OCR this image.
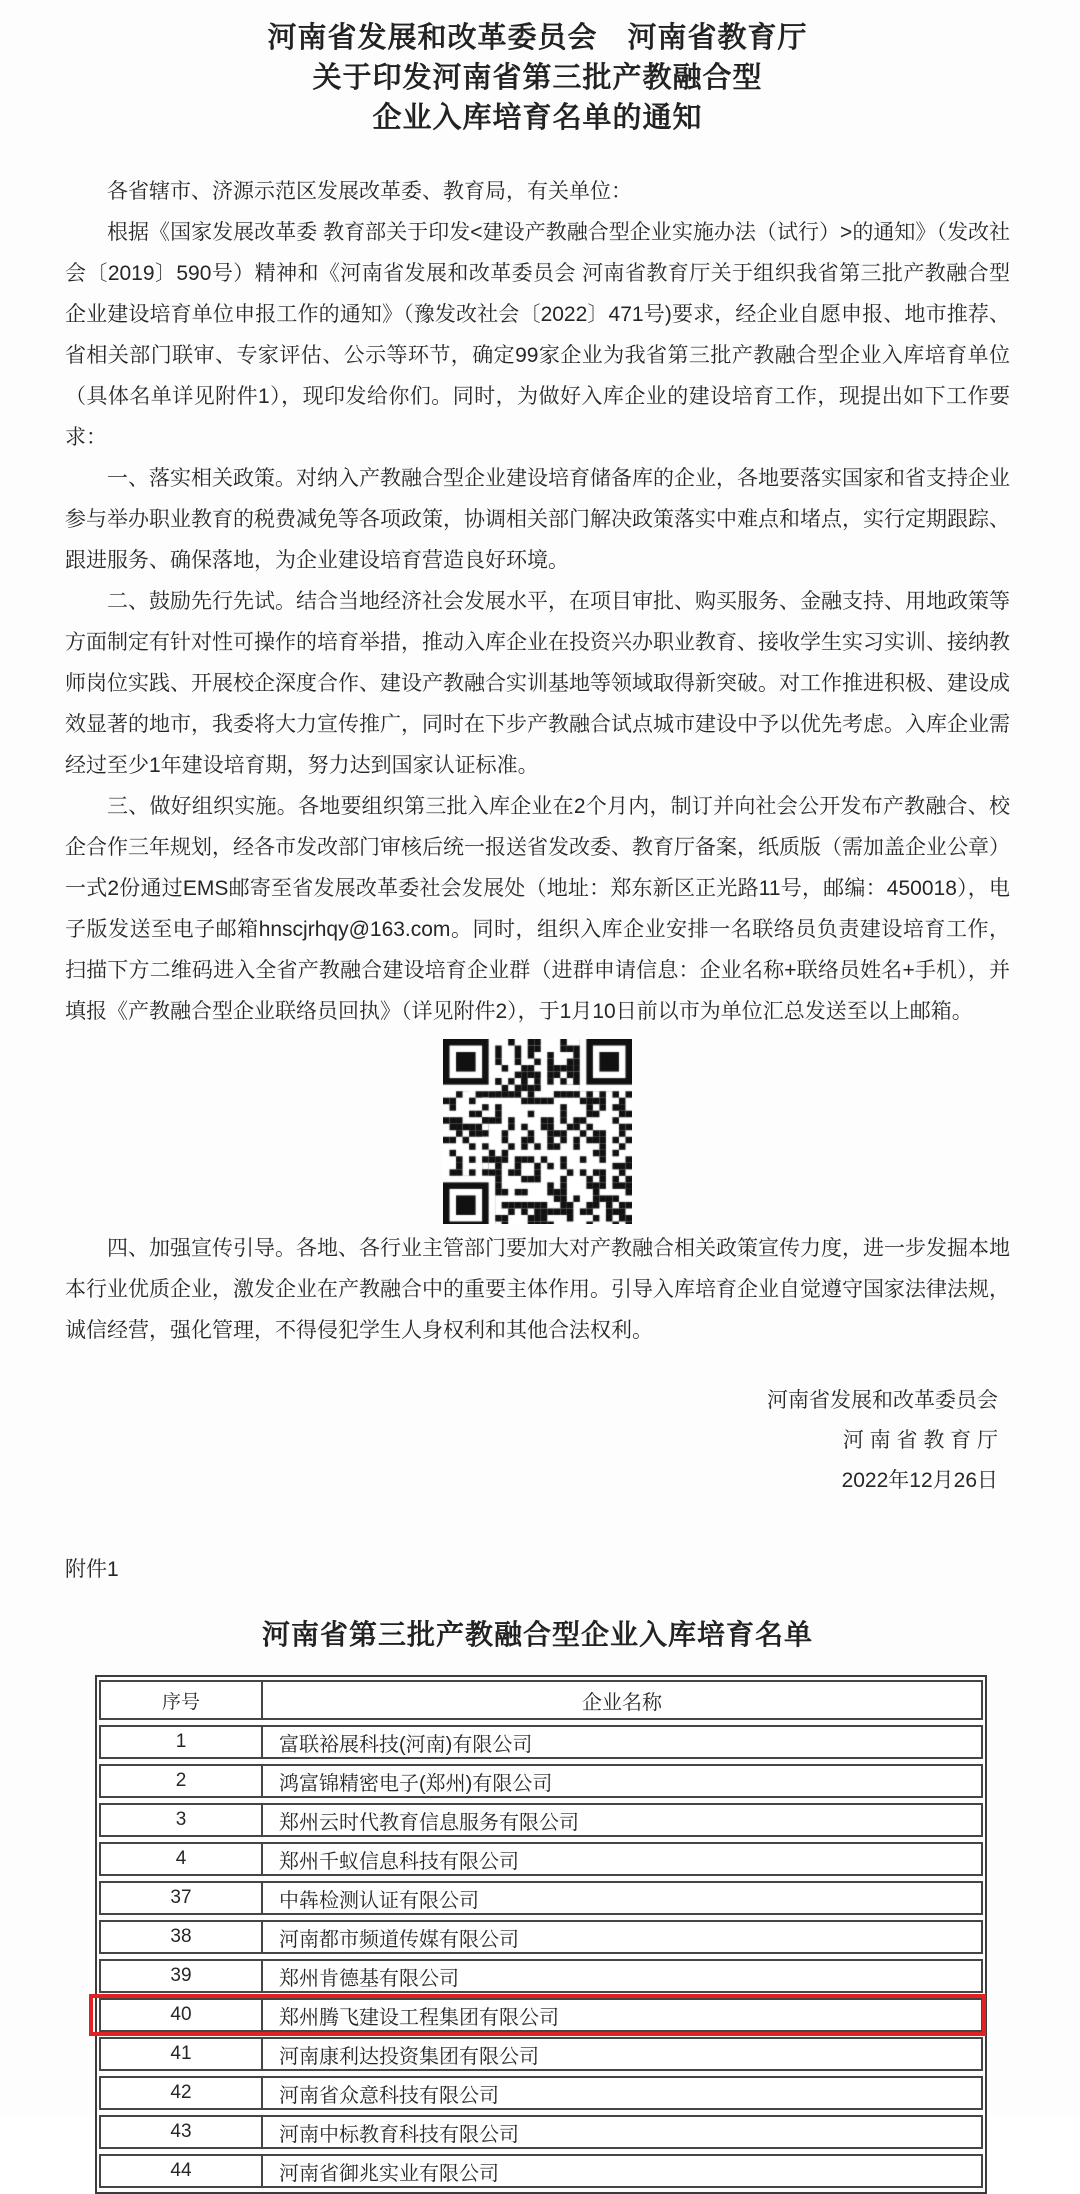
河南省发展和改革委员会　河南省教育厅
关于印发河南省第三批产教融合型
企业入库培育名单的通知

各省辖市、济源示范区发展改革委、教育局，有关单位：

根据《国家发展改革委 教育部关于印发<建设产教融合型企业实施办法（试行）>的通知》（发改社会〔2019〕590号）精神和《河南省发展和改革委员会 河南省教育厅关于组织我省第三批产教融合型企业建设培育单位申报工作的通知》（豫发改社会〔2022〕471号)要求，经企业自愿申报、地市推荐、省相关部门联审、专家评估、公示等环节，确定99家企业为我省第三批产教融合型企业入库培育单位（具体名单详见附件1），现印发给你们。同时，为做好入库企业的建设培育工作，现提出如下工作要求：

一、落实相关政策。对纳入产教融合型企业建设培育储备库的企业，各地要落实国家和省支持企业参与举办职业教育的税费减免等各项政策，协调相关部门解决政策落实中难点和堵点，实行定期跟踪、跟进服务、确保落地，为企业建设培育营造良好环境。

二、鼓励先行先试。结合当地经济社会发展水平，在项目审批、购买服务、金融支持、用地政策等方面制定有针对性可操作的培育举措，推动入库企业在投资兴办职业教育、接收学生实习实训、接纳教师岗位实践、开展校企深度合作、建设产教融合实训基地等领域取得新突破。对工作推进积极、建设成效显著的地市，我委将大力宣传推广，同时在下步产教融合试点城市建设中予以优先考虑。入库企业需经过至少1年建设培育期，努力达到国家认证标准。

三、做好组织实施。各地要组织第三批入库企业在2个月内，制订并向社会公开发布产教融合、校企合作三年规划，经各市发改部门审核后统一报送省发改委、教育厅备案，纸质版（需加盖企业公章）一式2份通过EMS邮寄至省发展改革委社会发展处（地址：郑东新区正光路11号，邮编：450018），电子版发送至电子邮箱hnscjrhqy@163.com。同时，组织入库企业安排一名联络员负责建设培育工作，扫描下方二维码进入全省产教融合建设培育企业群（进群申请信息：企业名称+联络员姓名+手机），并填报《产教融合型企业联络员回执》（详见附件2），于1月10日前以市为单位汇总发送至以上邮箱。

四、加强宣传引导。各地、各行业主管部门要加大对产教融合相关政策宣传力度，进一步发掘本地本行业优质企业，激发企业在产教融合中的重要主体作用。引导入库培育企业自觉遵守国家法律法规，诚信经营，强化管理，不得侵犯学生人身权利和其他合法权利。

河南省发展和改革委员会
河 南 省 教 育 厅
2022年12月26日
附件1
河南省第三批产教融合型企业入库培育名单
序号	企业名称
1	富联裕展科技(河南)有限公司
2	鸿富锦精密电子(郑州)有限公司
3	郑州云时代教育信息服务有限公司
4	郑州千蚁信息科技有限公司
37	中犇检测认证有限公司
38	河南都市频道传媒有限公司
39	郑州肯德基有限公司
40	郑州腾飞建设工程集团有限公司
41	河南康利达投资集团有限公司
42	河南省众意科技有限公司
43	河南中标教育科技有限公司
44	河南省御兆实业有限公司
